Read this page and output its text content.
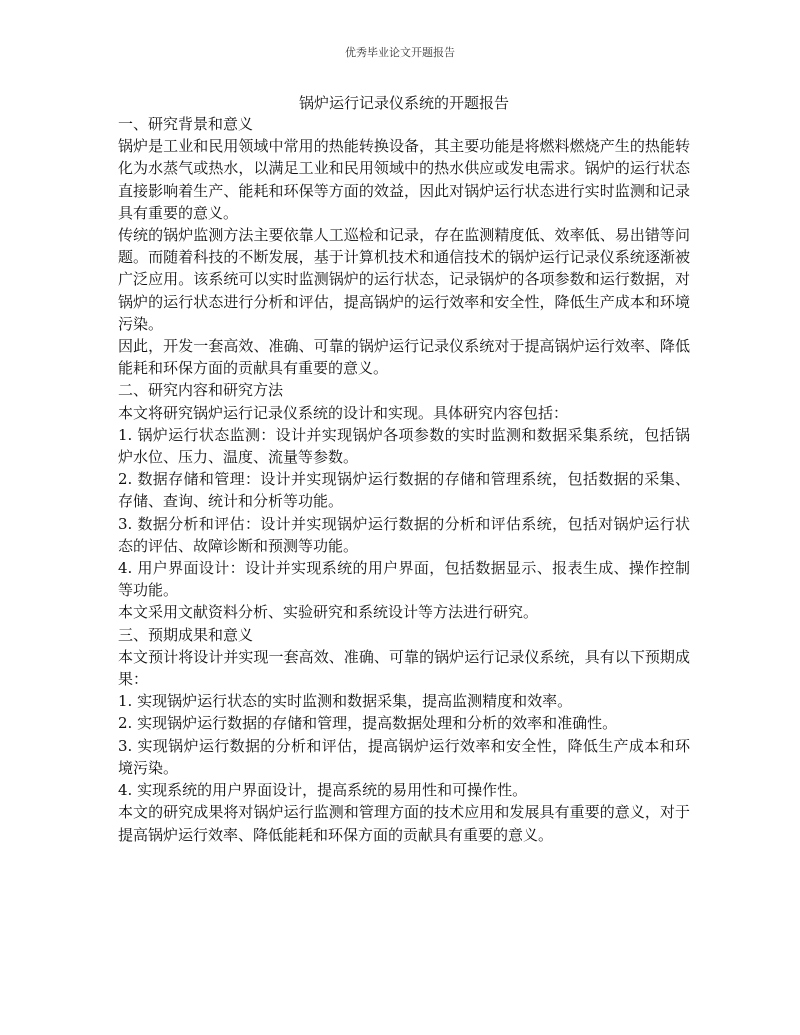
优秀毕业论文开题报告

锅炉运行记录仪系统的开题报告

一、研究背景和意义

锅炉是工业和民用领域中常用的热能转换设备，其主要功能是将燃料燃烧产生的热能转化为水蒸气或热水，以满足工业和民用领域中的热水供应或发电需求。锅炉的运行状态直接影响着生产、能耗和环保等方面的效益，因此对锅炉运行状态进行实时监测和记录具有重要的意义。

传统的锅炉监测方法主要依靠人工巡检和记录，存在监测精度低、效率低、易出错等问题。而随着科技的不断发展，基于计算机技术和通信技术的锅炉运行记录仪系统逐渐被广泛应用。该系统可以实时监测锅炉的运行状态，记录锅炉的各项参数和运行数据，对锅炉的运行状态进行分析和评估，提高锅炉的运行效率和安全性，降低生产成本和环境污染。

因此，开发一套高效、准确、可靠的锅炉运行记录仪系统对于提高锅炉运行效率、降低能耗和环保方面的贡献具有重要的意义。

二、研究内容和研究方法

本文将研究锅炉运行记录仪系统的设计和实现。具体研究内容包括：

1. 锅炉运行状态监测：设计并实现锅炉各项参数的实时监测和数据采集系统，包括锅炉水位、压力、温度、流量等参数。

2. 数据存储和管理：设计并实现锅炉运行数据的存储和管理系统，包括数据的采集、存储、查询、统计和分析等功能。

3. 数据分析和评估：设计并实现锅炉运行数据的分析和评估系统，包括对锅炉运行状态的评估、故障诊断和预测等功能。

4. 用户界面设计：设计并实现系统的用户界面，包括数据显示、报表生成、操作控制等功能。

本文采用文献资料分析、实验研究和系统设计等方法进行研究。

三、预期成果和意义

本文预计将设计并实现一套高效、准确、可靠的锅炉运行记录仪系统，具有以下预期成果：

1. 实现锅炉运行状态的实时监测和数据采集，提高监测精度和效率。

2. 实现锅炉运行数据的存储和管理，提高数据处理和分析的效率和准确性。

3. 实现锅炉运行数据的分析和评估，提高锅炉运行效率和安全性，降低生产成本和环境污染。

4. 实现系统的用户界面设计，提高系统的易用性和可操作性。

本文的研究成果将对锅炉运行监测和管理方面的技术应用和发展具有重要的意义，对于提高锅炉运行效率、降低能耗和环保方面的贡献具有重要的意义。
